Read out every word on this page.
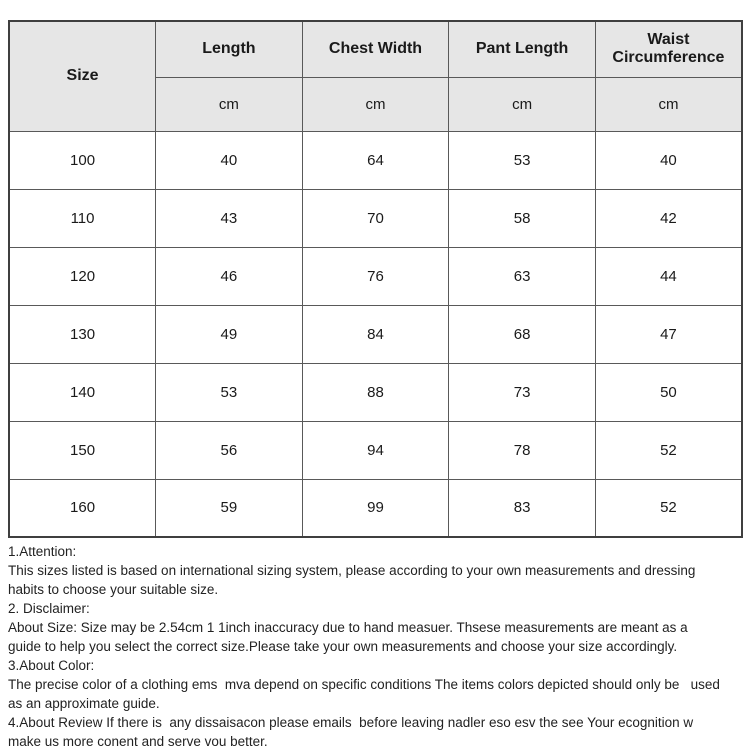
Size	Length	Chest Width	Pant Length	Waist Circumference
	cm	cm	cm	cm
100	40	64	53	40
110	43	70	58	42
120	46	76	63	44
130	49	84	68	47
140	53	88	73	50
150	56	94	78	52
160	59	99	83	52
1.Attention:
This sizes listed is based on international sizing system, please according to your own measurements and dressing
habits to choose your suitable size.
2. Disclaimer:
About Size: Size may be 2.54cm 1 1inch inaccuracy due to hand measuer. Thsese measurements are meant as a
guide to help you select the correct size.Please take your own measurements and choose your size accordingly.
3.About Color:
The precise color of a clothing ems  mva depend on specific conditions The items colors depicted should only be   used
as an approximate guide.
4.About Review If there is  any dissaisacon please emails  before leaving nadler eso esv the see Your ecognition w
make us more conent and serve vou better.
